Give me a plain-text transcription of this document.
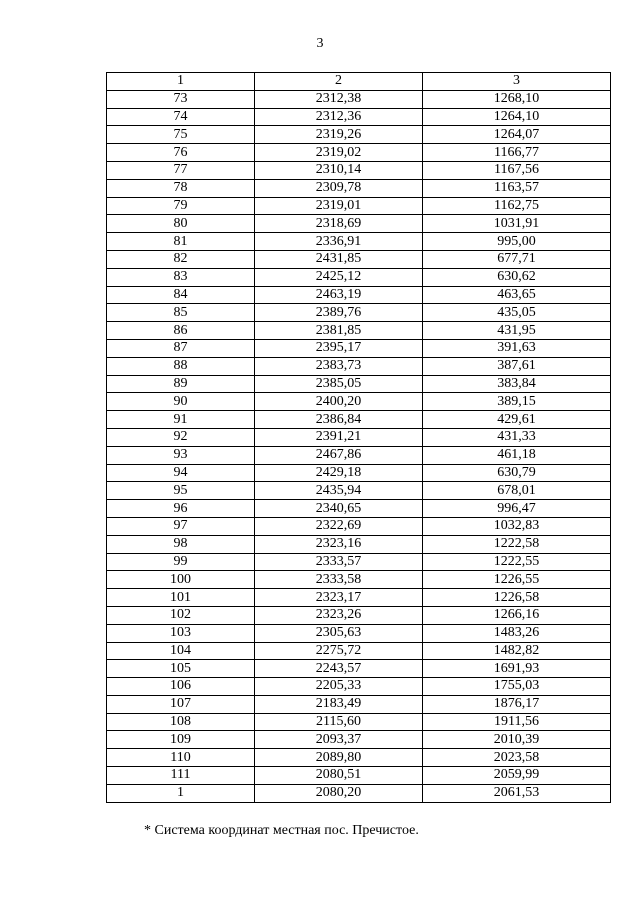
3
1	2	3
73	2312,38	1268,10
74	2312,36	1264,10
75	2319,26	1264,07
76	2319,02	1166,77
77	2310,14	1167,56
78	2309,78	1163,57
79	2319,01	1162,75
80	2318,69	1031,91
81	2336,91	995,00
82	2431,85	677,71
83	2425,12	630,62
84	2463,19	463,65
85	2389,76	435,05
86	2381,85	431,95
87	2395,17	391,63
88	2383,73	387,61
89	2385,05	383,84
90	2400,20	389,15
91	2386,84	429,61
92	2391,21	431,33
93	2467,86	461,18
94	2429,18	630,79
95	2435,94	678,01
96	2340,65	996,47
97	2322,69	1032,83
98	2323,16	1222,58
99	2333,57	1222,55
100	2333,58	1226,55
101	2323,17	1226,58
102	2323,26	1266,16
103	2305,63	1483,26
104	2275,72	1482,82
105	2243,57	1691,93
106	2205,33	1755,03
107	2183,49	1876,17
108	2115,60	1911,56
109	2093,37	2010,39
110	2089,80	2023,58
111	2080,51	2059,99
1	2080,20	2061,53
* Система координат местная пос. Пречистое.
